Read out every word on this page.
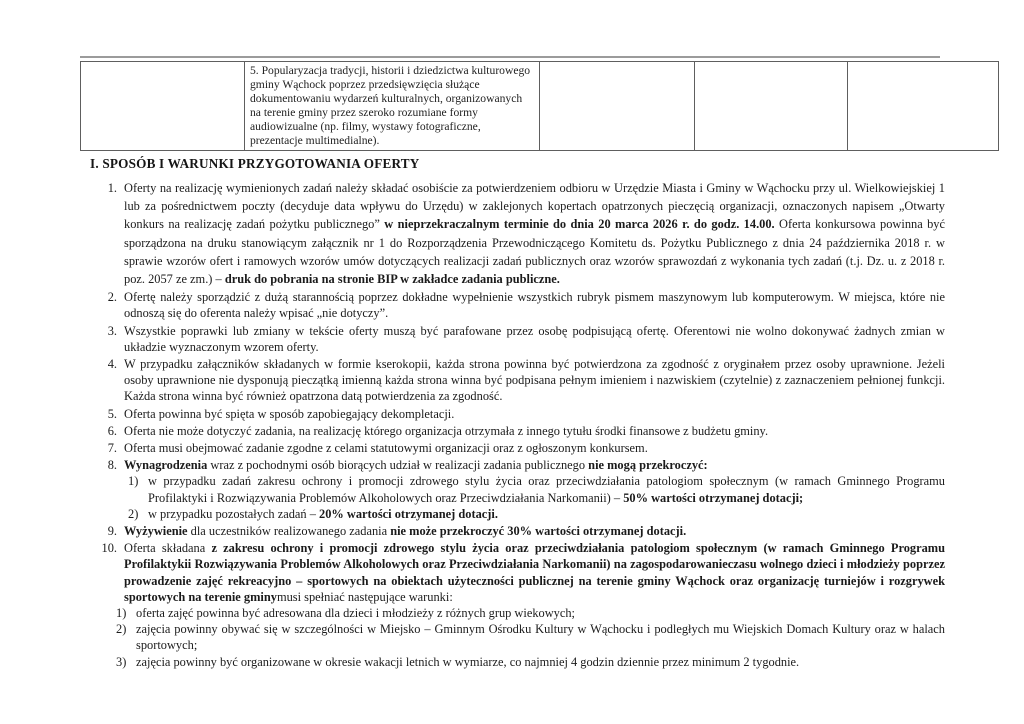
5. Popularyzacja tradycji, historii i dziedzictwa kulturowego gminy Wąchock poprzez przedsięwzięcia służące dokumentowaniu wydarzeń kulturalnych, organizowanych na terenie gminy przez szeroko rozumiane formy audiowizualne (np. filmy, wystawy fotograficzne, prezentacje multimedialne).

I. SPOSÓB I WARUNKI PRZYGOTOWANIA OFERTY
1. Oferty na realizację wymienionych zadań należy składać osobiście za potwierdzeniem odbioru w Urzędzie Miasta i Gminy w Wąchocku przy ul. Wielkowiejskiej 1 lub za pośrednictwem poczty (decyduje data wpływu do Urzędu) w zaklejonych kopertach opatrzonych pieczęcią organizacji, oznaczonych napisem „Otwarty konkurs na realizację zadań pożytku publicznego” w nieprzekraczalnym terminie do dnia 20 marca 2026 r. do godz. 14.00. Oferta konkursowa powinna być sporządzona na druku stanowiącym załącznik nr 1 do Rozporządzenia Przewodniczącego Komitetu ds. Pożytku Publicznego z dnia 24 października 2018 r. w sprawie wzorów ofert i ramowych wzorów umów dotyczących realizacji zadań publicznych oraz wzorów sprawozdań z wykonania tych zadań (t.j. Dz. u. z 2018 r. poz. 2057 ze zm.) – druk do pobrania na stronie BIP w zakładce zadania publiczne.
2. Ofertę należy sporządzić z dużą starannością poprzez dokładne wypełnienie wszystkich rubryk pismem maszynowym lub komputerowym. W miejsca, które nie odnoszą się do oferenta należy wpisać „nie dotyczy”.
3. Wszystkie poprawki lub zmiany w tekście oferty muszą być parafowane przez osobę podpisującą ofertę. Oferentowi nie wolno dokonywać żadnych zmian w układzie wyznaczonym wzorem oferty.
4. W przypadku załączników składanych w formie kserokopii, każda strona powinna być potwierdzona za zgodność z oryginałem przez osoby uprawnione. Jeżeli osoby uprawnione nie dysponują pieczątką imienną każda strona winna być podpisana pełnym imieniem i nazwiskiem (czytelnie) z zaznaczeniem pełnionej funkcji. Każda strona winna być również opatrzona datą potwierdzenia za zgodność.
5. Oferta powinna być spięta w sposób zapobiegający dekompletacji.
6. Oferta nie może dotyczyć zadania, na realizację którego organizacja otrzymała z innego tytułu środki finansowe z budżetu gminy.
7. Oferta musi obejmować zadanie zgodne z celami statutowymi organizacji oraz z ogłoszonym konkursem.
8. Wynagrodzenia wraz z pochodnymi osób biorących udział w realizacji zadania publicznego nie mogą przekroczyć:
1) w przypadku zadań zakresu ochrony i promocji zdrowego stylu życia oraz przeciwdziałania patologiom społecznym (w ramach Gminnego Programu Profilaktyki i Rozwiązywania Problemów Alkoholowych oraz Przeciwdziałania Narkomanii) – 50% wartości otrzymanej dotacji;
2) w przypadku pozostałych zadań – 20% wartości otrzymanej dotacji.
9. Wyżywienie dla uczestników realizowanego zadania nie może przekroczyć 30% wartości otrzymanej dotacji.
10. Oferta składana z zakresu ochrony i promocji zdrowego stylu życia oraz przeciwdziałania patologiom społecznym (w ramach Gminnego Programu Profilaktykii Rozwiązywania Problemów Alkoholowych oraz Przeciwdziałania Narkomanii) na zagospodarowanieczasu wolnego dzieci i młodzieży poprzez prowadzenie zajęć rekreacyjno – sportowych na obiektach użyteczności publicznej na terenie gminy Wąchock oraz organizację turniejów i rozgrywek sportowych na terenie gminymusi spełniać następujące warunki:
1) oferta zajęć powinna być adresowana dla dzieci i młodzieży z różnych grup wiekowych;
2) zajęcia powinny obywać się w szczególności w Miejsko – Gminnym Ośrodku Kultury w Wąchocku i podległych mu Wiejskich Domach Kultury oraz w halach sportowych;
3) zajęcia powinny być organizowane w okresie wakacji letnich w wymiarze, co najmniej 4 godzin dziennie przez minimum 2 tygodnie.
